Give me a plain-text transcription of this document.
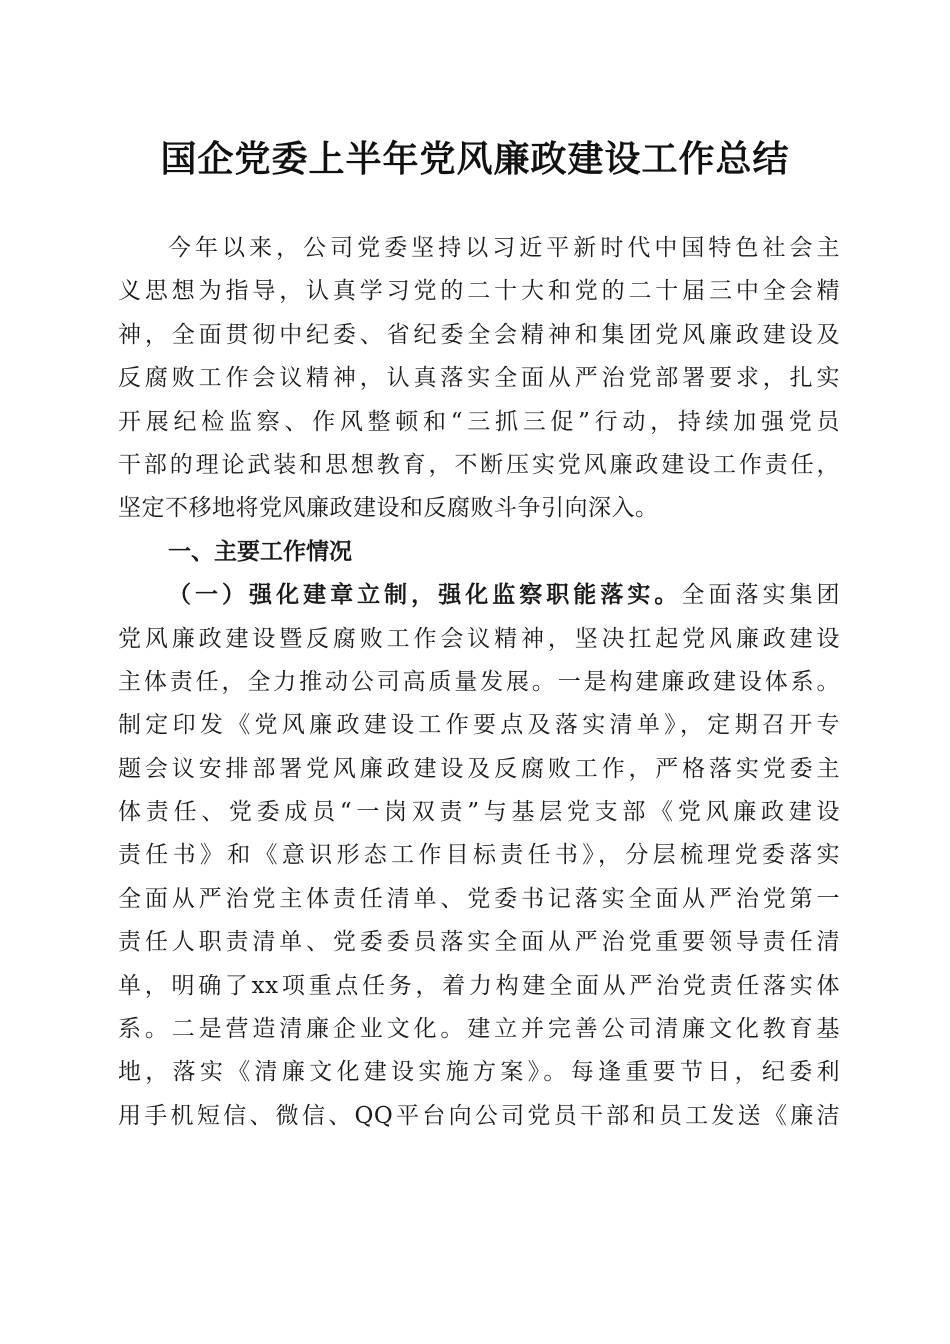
国企党委上半年党风廉政建设工作总结
今年以来，公司党委坚持以习近平新时代中国特色社会主
义思想为指导，认真学习党的二十大和党的二十届三中全会精
神，全面贯彻中纪委、省纪委全会精神和集团党风廉政建设及
反腐败工作会议精神，认真落实全面从严治党部署要求，扎实
开展纪检监察、作风整顿和“三抓三促”行动，持续加强党员
干部的理论武装和思想教育，不断压实党风廉政建设工作责任，
坚定不移地将党风廉政建设和反腐败斗争引向深入。
一、主要工作情况
（一）强化建章立制，强化监察职能落实。全面落实集团
党风廉政建设暨反腐败工作会议精神，坚决扛起党风廉政建设
主体责任，全力推动公司高质量发展。一是构建廉政建设体系。
制定印发《党风廉政建设工作要点及落实清单》，定期召开专
题会议安排部署党风廉政建设及反腐败工作，严格落实党委主
体责任、党委成员“一岗双责”与基层党支部《党风廉政建设
责任书》和《意识形态工作目标责任书》，分层梳理党委落实
全面从严治党主体责任清单、党委书记落实全面从严治党第一
责任人职责清单、党委委员落实全面从严治党重要领导责任清
单，明确了xx项重点任务，着力构建全面从严治党责任落实体
系。二是营造清廉企业文化。建立并完善公司清廉文化教育基
地，落实《清廉文化建设实施方案》。每逢重要节日，纪委利
用手机短信、微信、QQ平台向公司党员干部和员工发送《廉洁
